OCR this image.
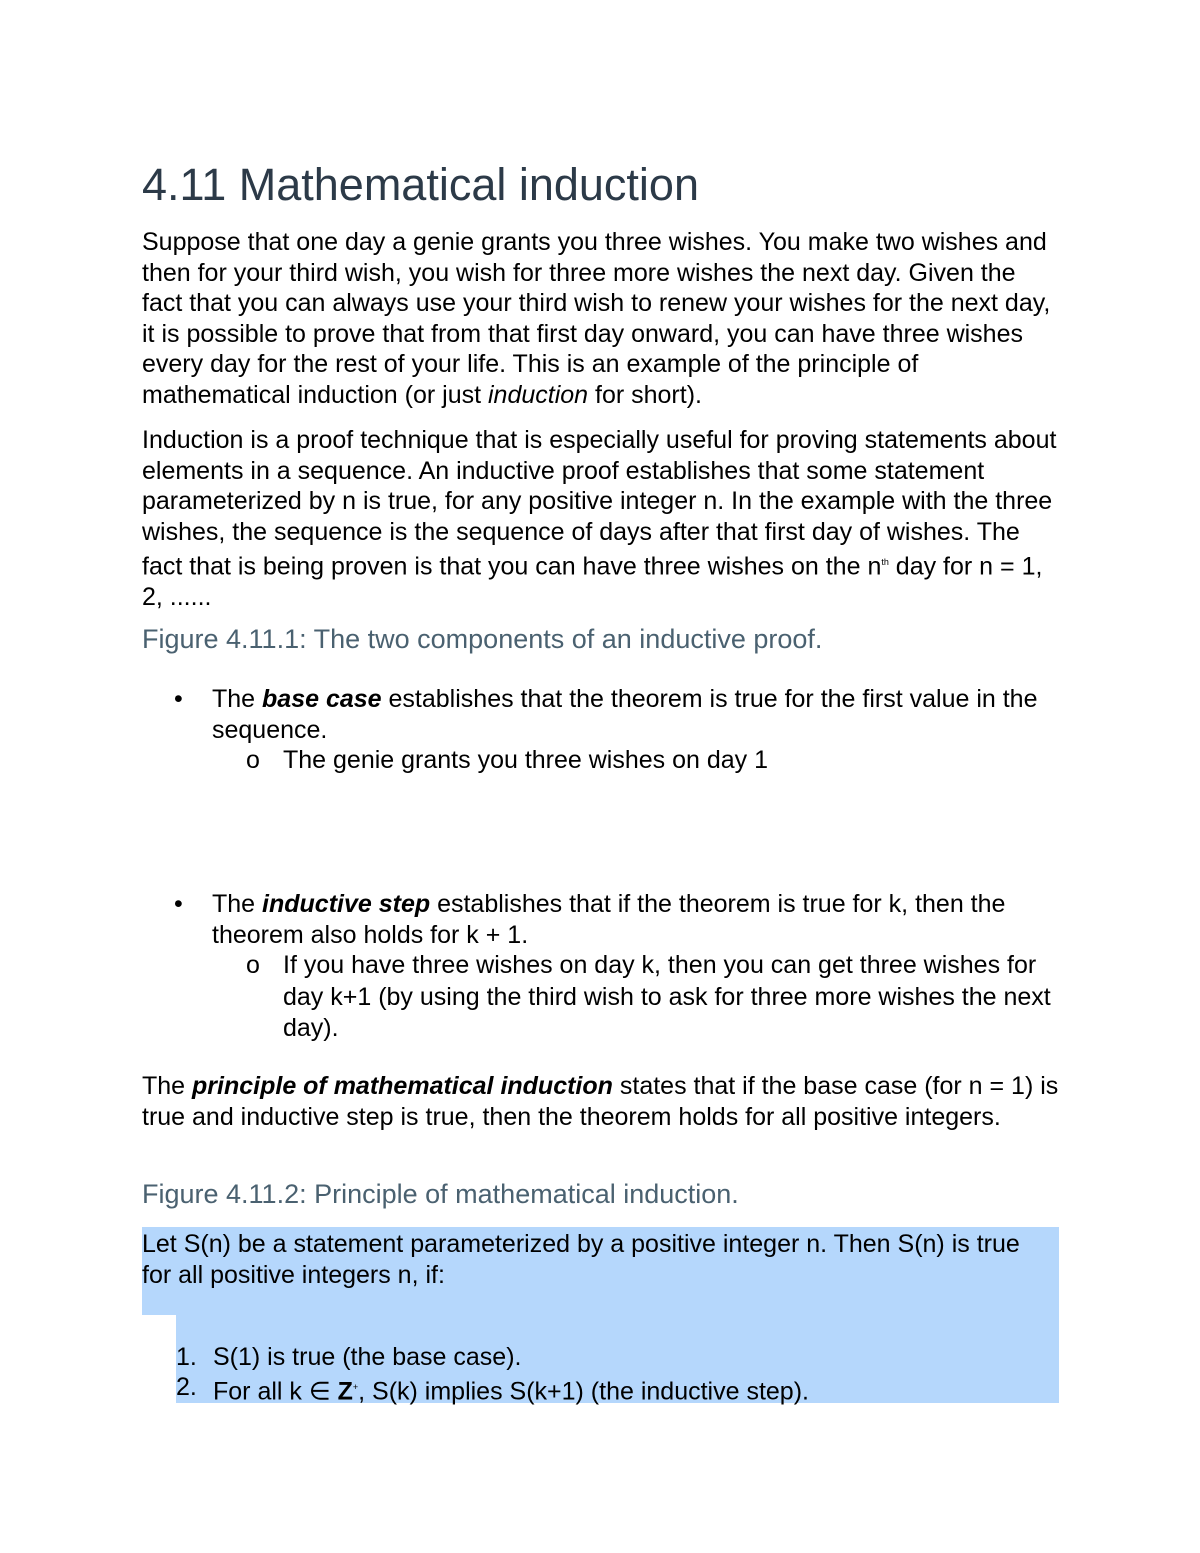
4.11 Mathematical induction

Suppose that one day a genie grants you three wishes. You make two wishes and then for your third wish, you wish for three more wishes the next day. Given the fact that you can always use your third wish to renew your wishes for the next day, it is possible to prove that from that first day onward, you can have three wishes every day for the rest of your life. This is an example of the principle of mathematical induction (or just induction for short).

Induction is a proof technique that is especially useful for proving statements about elements in a sequence. An inductive proof establishes that some statement parameterized by n is true, for any positive integer n. In the example with the three wishes, the sequence is the sequence of days after that first day of wishes. The fact that is being proven is that you can have three wishes on the $n^{th}$ day for n = 1, 2, ......

Figure 4.11.1: The two components of an inductive proof.

• The base case establishes that the theorem is true for the first value in the sequence.
o The genie grants you three wishes on day 1
• The inductive step establishes that if the theorem is true for k, then the theorem also holds for k + 1.
o If you have three wishes on day k, then you can get three wishes for day k+1 (by using the third wish to ask for three more wishes the next day).

The principle of mathematical induction states that if the base case (for n = 1) is true and inductive step is true, then the theorem holds for all positive integers.

Figure 4.11.2: Principle of mathematical induction.

Let S(n) be a statement parameterized by a positive integer n. Then S(n) is true for all positive integers n, if:

1. S(1) is true (the base case).
2. For all k ∈ Z+, S(k) implies S(k+1) (the inductive step).
